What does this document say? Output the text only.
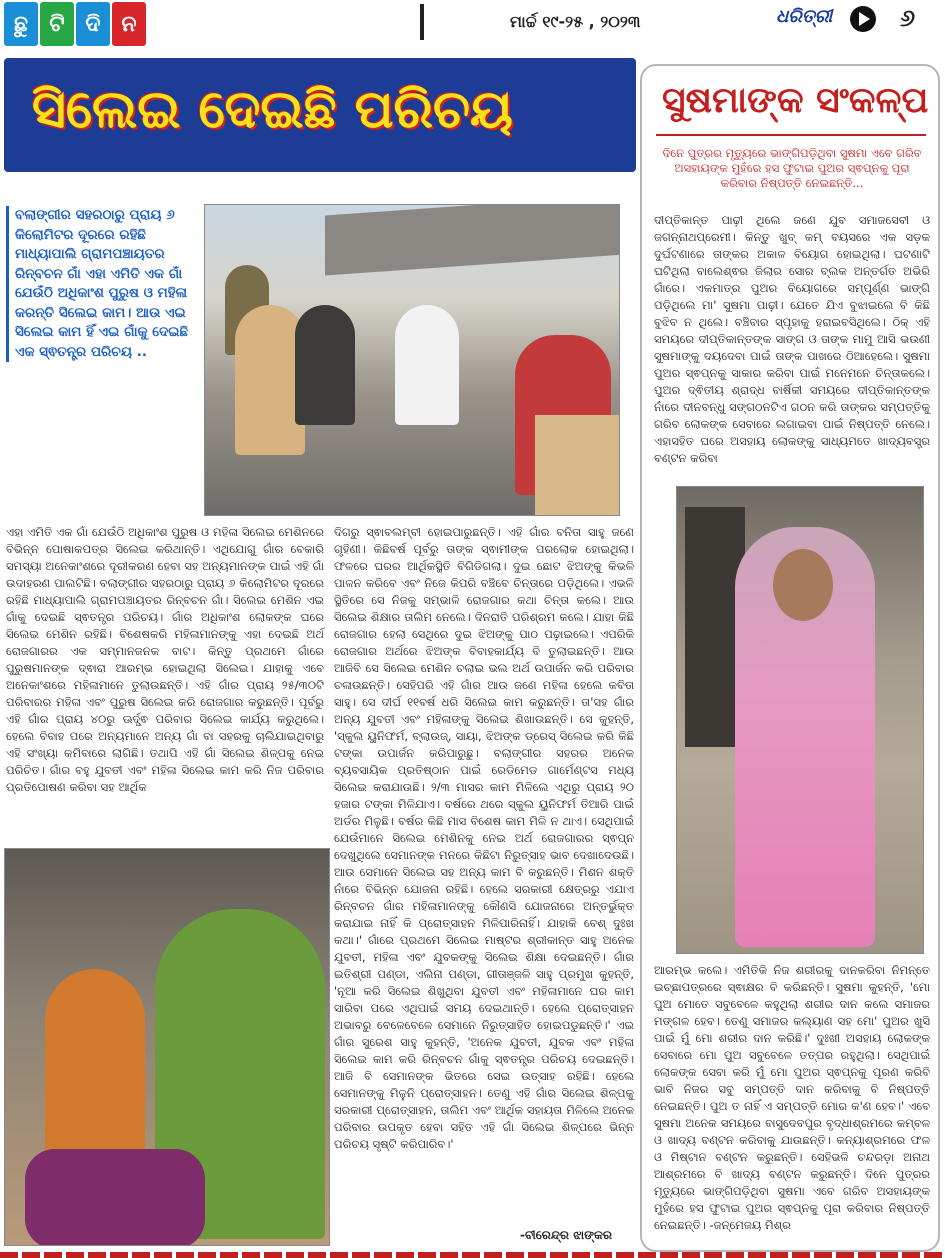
ଛୁ ଟି ଦି ନ	ମାର୍ଚ୍ଚ ୧୯-୨୫ , ୨୦୨୩	ଧରିତ୍ରୀ	୬
ସିଲେଇ ଦେଇଛି ପରିଚୟ

ବଲାଙ୍ଗୀର ସହରଠାରୁ ପ୍ରାୟ ୬ କିଲୋମିଟର ଦୂରରେ ରହିଛି ମାଧ୍ୟାପାଲି ଗ୍ରାମପଞ୍ଚାୟତର ରିନ୍‌ବଚନ ଗାଁ ଏହା ଏମିତି ଏକ ଗାଁ ଯେଉଁଠି ଅଧିକାଂଶ ପୁରୁଷ ଓ ମହିଳା କରନ୍ତି ସିଲେଇ କାମ। ଆଉ ଏଇ ସିଲେଇ କାମ ହିଁ ଏଇ ଗାଁକୁ ଦେଇଛି ଏକ ସ୍ଵତନ୍ତ୍ର ପରିଚୟ ..

ଏହା ଏମିତି ଏକ ଗାଁ ଯେଉଁଠି ଅଧିକାଂଶ ପୁରୁଷ ଓ ମହିଳା ସିଲେଇ ମେଶିନରେ ବିଭିନ୍ନ ପୋଷାକପତ୍ର ସିଲେଇ କରିଥାନ୍ତି। ଏଥିଯୋଗୁ ଗାଁର ବେକାରି ସମସ୍ୟା ଅନେକାଂଶରେ ଦୂରୀକରଣ ହେବା ସହ ଅନ୍ୟମାନଙ୍କ ପାଇଁ ଏହି ଗାଁ ଉଦାହରଣ ପାଲଟିଛି। ବଲାଙ୍ଗୀର ସହରଠାରୁ ପ୍ରାୟ ୬ କିଲୋମିଟର ଦୂରରେ ରହିଛି ମାଧ୍ୟାପାଲି ଗ୍ରାମପଞ୍ଚାୟତର ରିନ୍‌ବଚନ ଗାଁ। ସିଲେଇ ମେଶିନ ଏଇ ଗାଁକୁ ଦେଇଛି ସ୍ଵତନ୍ତ୍ର ପରିଚୟ। ଗାଁର ଅଧିକାଂଶ ଲୋକଙ୍କ ଘରେ ସିଲେଇ ମେଶିନ ରହିଛି। ବିଶେଷକରି ମହିଳାମାନଙ୍କୁ ଏହା ଦେଇଛି ଅର୍ଥ ରୋଜଗାରର ଏକ ସମ୍ମାନଜନକ ବାଟ। କିନ୍ତୁ ପ୍ରଥମେ ଗାଁରେ ପୁରୁଷମାନଙ୍କ ଦ୍ଵାରା ଆରମ୍ଭ ହୋଇଥିଲା ସିଲେଇ। ଯାହାକୁ ଏବେ ଅନେକାଂଶରେ ମହିଳାମାନେ ତୁଲାଉଛନ୍ତି। ଏହି ଗାଁର ପ୍ରାୟ ୨୫/୩୦ଟି ପରିବାରର ମହିଳା ଏବଂ ପୁରୁଷ ସିଲେଇ କରି ରୋଜଗାର କରୁଛନ୍ତି। ପୂର୍ବରୁ ଏହି ଗାଁର ପ୍ରାୟ ୪୦ରୁ ଊର୍ଦ୍ଧ୍ଵ ପରିବାର ସିଲେଇ କାର୍ଯ୍ୟ କରୁଥିଲେ। ହେଲେ ବିବାହ ପରେ ଅନ୍ୟମାନେ ଅନ୍ୟ ଗାଁ ବା ସହରକୁ ଚାଲିଯାଇଥିବାରୁ ଏହି ସଂଖ୍ୟା କମିବାରେ ଲାଗିଛି। ତଥାପି ଏହି ଗାଁ ସିଲେଇ ଶିଳ୍ପକୁ ନେଇ ପରିଚିତ। ଗାଁର ବହୁ ଯୁବତୀ ଏବଂ ମହିଳା ସିଲେଇ କାମ କରି ନିଜ ପରିବାର ପ୍ରତିପୋଷଣ କରିବା ସହ ଆର୍ଥିକ

ଦିଗରୁ ସ୍ଵାବଲମ୍ବୀ ହୋଇପାରୁଛନ୍ତି। ଏହି ଗାଁର ବନିତା ସାହୁ ଜଣେ ଗୃହିଣୀ। କିଛିବର୍ଷ ପୂର୍ବରୁ ତାଙ୍କ ସ୍ଵାମୀଙ୍କ ପରଲୋକ ହୋଇଥିଲା। ଫଳରେ ଘରର ଆର୍ଥିକସ୍ଥିତି ବିଗିଡିଗଲା। ଦୁଇ ଛୋଟ ଝିଅଙ୍କୁ କିଭଳି ପାଳନ କରିବେ ଏବଂ ନିଜେ କିପରି ବଞ୍ଚିବେ ଚିନ୍ତାରେ ପଡ଼ିଥିଲେ। ଏଭଳି ସ୍ଥିତିରେ ସେ ନିଜକୁ ସମ୍ଭାଳି ରୋଜଗାର କଥା ଚିନ୍ତା କଲେ। ଆଉ ସିଲେଇ ଶିକ୍ଷାର ତାଲିମ ନେଲେ। ଦିନରାତି ପରିଶ୍ରମ କଲେ। ଯାହା କିଛି ରୋଜଗାର ହେଲା ସେଥିରେ ଦୁଇ ଝିଅଙ୍କୁ ପାଠ ପଢ଼ାଇଲେ। ଏପରିକି ରୋଜଗାର ଅର୍ଥରେ ଝିଅଙ୍କ ବିବାହକାର୍ଯ୍ୟ ବି ତୁଲାଇଛନ୍ତି। ଆଉ ଆଜିବି ସେ ସିଲେଇ ମେଶିନ ଚଲାଇ ଭଲ ଅର୍ଥ ଉପାର୍ଜନ କରି ପରିବାର ଚଳାଉଛନ୍ତି। ସେହିପରି ଏହି ଗାଁର ଆଉ ଜଣେ ମହିଳା ହେଲେ କବିତା ସାହୁ। ସେ ଦୀର୍ଘ ୧୧ବର୍ଷ ଧରି ସିଲେଇ କାମ କରୁଛନ୍ତି। ତା'ସହ ଗାଁର ଅନ୍ୟ ଯୁବତୀ ଏବଂ ମହିଳାଙ୍କୁ ସିଲେଇ ଶିଖାଉଛନ୍ତି। ସେ କୁହନ୍ତି, 'ସ୍କୁଲ ୟୁନିଫର୍ମ, ବ୍ଲାଉଜ୍, ସାୟା, ଝିଅଙ୍କ ଡ୍ରେସ୍ ସିଲେଇ କରି କିଛି ଟଙ୍କା ଉପାର୍ଜନ କରିପାରୁଛୁ। ବଲାଙ୍ଗୀର ସହରର ଅନେକ ବ୍ୟବସାୟିକ ପ୍ରତିଷ୍ଠାନ ପାଇଁ ରେଡିମେଡ ଗାର୍ମେଣ୍ଟସ ମଧ୍ୟ ସିଲେଇ କରାଯାଉଛି। ୨/୩ ମାସର କାମ ମିଳିଲେ ଏଥିରୁ ପ୍ରାୟ ୨୦ ହଜାର ଟଙ୍କା ମିଳିଯାଏ। ବର୍ଷରେ ଥରେ ସ୍କୁଲ ୟୁନିଫର୍ମ ତିଆରି ପାଇଁ ଅର୍ଡର ମିଳୁଛି। ବର୍ଷର କିଛି ମାସ ବିଶେଷ କାମ ମିଳି ନ ଥାଏ। ସେଥିପାଇଁ ଯେଉଁମାନେ ସିଲେଇ ମେଶିନକୁ ନେଇ ଅର୍ଥ ରୋଜଗାରର ସ୍ଵପ୍ନ ଦେଖୁଥିଲେ ସେମାନଙ୍କ ମନରେ କିଛିଟା ନିରୁତ୍ସାହ ଭାବ ଦେଖାଦେଉଛି। ଆଉ ସେମାନେ ସିଲେଇ ସହ ଅନ୍ୟ କାମ ବି କରୁଛନ୍ତି। ମିଶନ ଶକ୍ତି ନାଁରେ ବିଭିନ୍ନ ଯୋଜନା ରହିଛି। ହେଲେ ସରକାରୀ କ୍ଷେତ୍ରରୁ ଏଯାଏ ରିନ୍‌ବଚନ ଗାଁର ମହିଳାମାନଙ୍କୁ କୌଣସି ଯୋଜନାରେ ଅନ୍ତର୍ଭୁକ୍ତ କରାଯାଇ ନାହିଁ କି ପ୍ରୋତ୍ସାହନ ମିଳିପାରିନାହିଁ। ଯାହାକି ବେଶ୍ ଦୁଃଖ କଥା।' ଗାଁରେ ପ୍ରଥମେ ସିଲେଇ ମାଷ୍ଟର ଶ୍ରୀକାନ୍ତ ସାହୁ ଅନେକ ଯୁବତୀ, ମହିଳା ଏବଂ ଯୁବକଙ୍କୁ ସିଲେଇ ଶିକ୍ଷା ଦେଇଛନ୍ତି। ଗାଁର ଇତିଶ୍ରୀ ପଣ୍ଡା, ଏଲିନା ପଣ୍ଡା, ଗୀତାଞ୍ଜଳି ସାହୁ ପ୍ରମୁଖ କୁହନ୍ତି, 'ନୂଆ କରି ସିଲେଇ ଶିଖୁଥିବା ଯୁବତୀ ଏବଂ ମହିଳାମାନେ ଘର କାମ ସାରିବା ପରେ ଏଥିପାଇଁ ସମୟ ଦେଇଥାନ୍ତି। ହେଲେ ପ୍ରୋତ୍ସାହନ ଅଭାବରୁ ବେଳେବେଳେ ସେମାନେ ନିରୁତ୍ସାହିତ ହୋଇପଡୁଛନ୍ତି।' ଏଇ ଗାଁର ସୁରେଶ ସାହୁ କୁହନ୍ତି, 'ଅନେକ ଯୁବତୀ, ଯୁବକ ଏବଂ ମହିଳା ସିଲେଇ କାମ କରି ରିନ୍‌ବଚନ ଗାଁକୁ ସ୍ଵତନ୍ତ୍ର ପରିଚୟ ଦେଇଛନ୍ତି। ଆଜି ବି ସେମାନଙ୍କ ଭିତରେ ସେଇ ଉତ୍ସାହ ରହିଛି। ହେଲେ ସେମାନଙ୍କୁ ମିଳୁନି ପ୍ରୋତ୍ସାହନ। ତେଣୁ ଏହି ଗାଁର ସିଲେଇ ଶିଳ୍ପକୁ ସରକାରୀ ପ୍ରୋତ୍ସାହନ, ତାଲିମ ଏବଂ ଆର୍ଥିକ ସହାୟତା ମିଳିଲେ ଅନେକ ପରିବାର ଉପକୃତ ହେବା ସହିତ ଏହି ଗାଁ ସିଲେଇ ଶିଳ୍ପରେ ଭିନ୍ନ ପରିଚୟ ସୃଷ୍ଟି କରିପାରିବ।'

-ବୀରେନ୍ଦ୍ର ଝାଙ୍କର
ସୁଷମାଙ୍କ ସଂକଳ୍ପ

ଦିନେ ପୁତ୍ରର ମୃତ୍ୟୁରେ ଭାଙ୍ଗିପଡ଼ିଥିବା ସୁଷମା ଏବେ ଗରିବ ଅସହାୟଙ୍କ ମୁହଁରେ ହସ ଫୁଟାଇ ପୁଅର ସ୍ଵପ୍ନକୁ ପୂରା କରିବାର ନିଷ୍ପତ୍ତି ନେଇଛନ୍ତି...

ଦୀପ୍ତିକାନ୍ତ ପାଢ଼ୀ ଥିଲେ ଜଣେ ଯୁବ ସମାଜସେବୀ ଓ ଜଗନ୍ନାଥପ୍ରେମୀ। କିନ୍ତୁ ଖୁବ୍ କମ୍ ବୟସରେ ଏକ ସଡ଼କ ଦୁର୍ଘଟଣାରେ ତାଙ୍କର ଅକାଳ ବିୟୋଗ ହୋଇଥିଲା। ଘଟଣାଟି ଘଟିଥିଲା ବାଲେଶ୍ଵର ଜିଲାର ସୋର ବ୍ଲକ ଅନ୍ତର୍ଗତ ଅଭିରି ଗାଁରେ। ଏକମାତ୍ର ପୁଅର ବିୟୋଗରେ ସମ୍ପୂର୍ଣ୍ଣ ଭାଙ୍ଗି ପଡ଼ିଥିଲେ ମା' ସୁଷମା ପାଢ଼ୀ। ଯେତେ ଯିଏ ବୁଝାଇଲେ ବି କିଛି ବୁଝିବ ନ ଥିଲେ। ବଞ୍ଚିବାର ସ୍ପୃହାକୁ ହରାଇବସିଥିଲେ। ଠିକ୍ ଏହି ସମୟରେ ଦୀପ୍ତିକାନ୍ତଙ୍କ ସାଙ୍ଗ ଓ ତାଙ୍କ ମାମୁ ଆସି ଭଉଣୀ ସୁଷମାଙ୍କୁ ଦୟଦେବା ପାଇଁ ତାଙ୍କ ପାଖରେ ଠିଆହେଲେ। ସୁଷମା ପୁଅର ସ୍ଵପ୍ନକୁ ସାକାର କରିବା ପାଇଁ ମନେମନେ ଚିନ୍ତାକଲେ। ପୁଅର ଦ୍ଵିତୀୟ ଶ୍ରାଦ୍ଧ ବାର୍ଷିକୀ ସମୟରେ ଦୀପ୍ତିକାନ୍ତଙ୍କ ନାଁରେ ଦୀନବନ୍ଧୁ ସଙ୍ଗଠନଟିଏ ଗଠନ କରି ତାଙ୍କର ସମ୍ପତ୍ତିକୁ ଗରିବ ଲୋକଙ୍କ ସେବାରେ ଲଗାଇବା ପାଇଁ ନିଷ୍ପତ୍ତି ନେଲେ। ଏହାସହିତ ଘରେ ଅସହାୟ ଲୋକଙ୍କୁ ସାଧ୍ୟମତେ ଖାଦ୍ୟବସ୍ତ୍ର ବଣ୍ଟନ କରିବା

ଆରମ୍ଭ କଲେ। ଏମିତିକି ନିଜ ଶରୀରକୁ ଦାନକରିବା ନିମନ୍ତେ ଇଚ୍ଛାପତ୍ରରେ ସ୍ଵାକ୍ଷର ବି କରିଛନ୍ତି। ସୁଷମା କୁହନ୍ତି, 'ମୋ ପୁଅ ମୋତେ ସବୁବେଳେ କହୁଥିଲା ଶରୀର ଦାନ କଲେ ସମାଜର ମଙ୍ଗଳ ହେବ। ତେଣୁ ସମାଜର କଲ୍ୟାଣ ସହ ମୋ' ପୁଅର ଖୁସି ପାଇଁ ମୁଁ ମୋ ଶରୀର ଦାନ କରିଛି।' ଦୁଃଖୀ ଅସହାୟ ଲୋକଙ୍କ ସେବାରେ ମୋ ପୁଅ ସବୁବେଳେ ତତ୍ପର ରହୁଥିଲା। ସେଥିପାଇଁ ଲୋକଙ୍କ ସେବା କରି ମୁଁ ମୋ ପୁଅର ସ୍ଵପ୍ନକୁ ପୂରଣ କରିବି ଭାବି ନିଜର ସବୁ ସମ୍ପତ୍ତି ଦାନ କରିବାକୁ ବି ନିଷ୍ପତ୍ତି ନେଇଛନ୍ତି। ପୁଅ ତ ନାହିଁ ଏ ସମ୍ପତ୍ତି ମୋର କ'ଣ ହେବ।' ଏବେ ସୁଷମା ଅନେକ ସମୟରେ ବାସୁଦେବପୁର ବୃଦ୍ଧାଶ୍ରମରେ କମ୍ବଳ ଓ ଖାଦ୍ୟ ବଣ୍ଟନ କରିବାକୁ ଯାଉଛନ୍ତି। କନ୍ୟାଶ୍ରମରେ ଫଳ ଓ ମିଷ୍ଟାନ ବଣ୍ଟନ କରୁଛନ୍ତି। ସେହିଭଳି ଚନ୍ଦରଡ଼ା ଅନାଥ ଆଶ୍ରମରେ ବି ଖାଦ୍ୟ ବଣ୍ଟନ କରୁଛନ୍ତି। ଦିନେ ପୁତ୍ରର ମୃତ୍ୟୁରେ ଭାଙ୍ଗିପଡ଼ିଥିବା ସୁଷମା ଏବେ ଗରିବ ଅସହାୟଙ୍କ ମୁହଁରେ ହସ ଫୁଟାଇ ପୁଅର ସ୍ଵପ୍ନକୁ ପୂରା କରିବାର ନିଷ୍ପତ୍ତି ନେଇଛନ୍ତି। -ଜନ୍ମେଜୟ ମିଶ୍ର
